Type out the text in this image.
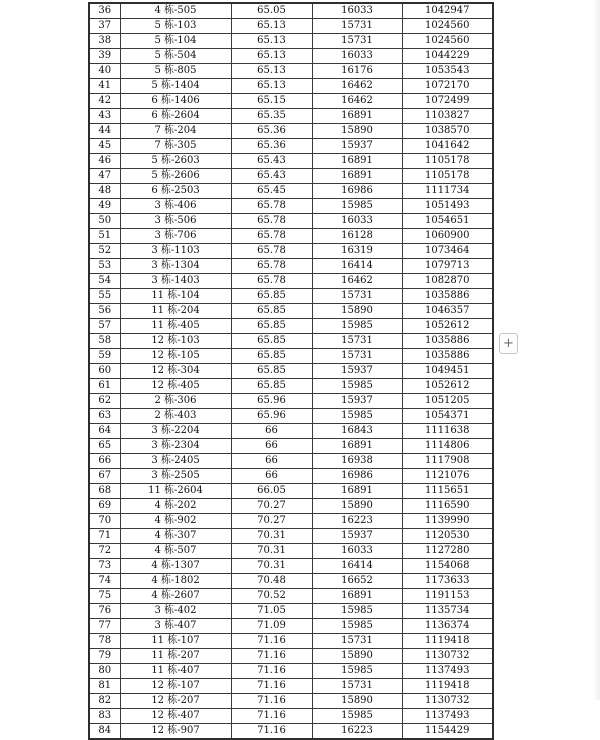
36	4 栋-505	65.05	16033	1042947
37	5 栋-103	65.13	15731	1024560
38	5 栋-104	65.13	15731	1024560
39	5 栋-504	65.13	16033	1044229
40	5 栋-805	65.13	16176	1053543
41	5 栋-1404	65.13	16462	1072170
42	6 栋-1406	65.15	16462	1072499
43	6 栋-2604	65.35	16891	1103827
44	7 栋-204	65.36	15890	1038570
45	7 栋-305	65.36	15937	1041642
46	5 栋-2603	65.43	16891	1105178
47	5 栋-2606	65.43	16891	1105178
48	6 栋-2503	65.45	16986	1111734
49	3 栋-406	65.78	15985	1051493
50	3 栋-506	65.78	16033	1054651
51	3 栋-706	65.78	16128	1060900
52	3 栋-1103	65.78	16319	1073464
53	3 栋-1304	65.78	16414	1079713
54	3 栋-1403	65.78	16462	1082870
55	11 栋-104	65.85	15731	1035886
56	11 栋-204	65.85	15890	1046357
57	11 栋-405	65.85	15985	1052612
58	12 栋-103	65.85	15731	1035886
59	12 栋-105	65.85	15731	1035886
60	12 栋-304	65.85	15937	1049451
61	12 栋-405	65.85	15985	1052612
62	2 栋-306	65.96	15937	1051205
63	2 栋-403	65.96	15985	1054371
64	3 栋-2204	66	16843	1111638
65	3 栋-2304	66	16891	1114806
66	3 栋-2405	66	16938	1117908
67	3 栋-2505	66	16986	1121076
68	11 栋-2604	66.05	16891	1115651
69	4 栋-202	70.27	15890	1116590
70	4 栋-902	70.27	16223	1139990
71	4 栋-307	70.31	15937	1120530
72	4 栋-507	70.31	16033	1127280
73	4 栋-1307	70.31	16414	1154068
74	4 栋-1802	70.48	16652	1173633
75	4 栋-2607	70.52	16891	1191153
76	3 栋-402	71.05	15985	1135734
77	3 栋-407	71.09	15985	1136374
78	11 栋-107	71.16	15731	1119418
79	11 栋-207	71.16	15890	1130732
80	11 栋-407	71.16	15985	1137493
81	12 栋-107	71.16	15731	1119418
82	12 栋-207	71.16	15890	1130732
83	12 栋-407	71.16	15985	1137493
84	12 栋-907	71.16	16223	1154429
+
